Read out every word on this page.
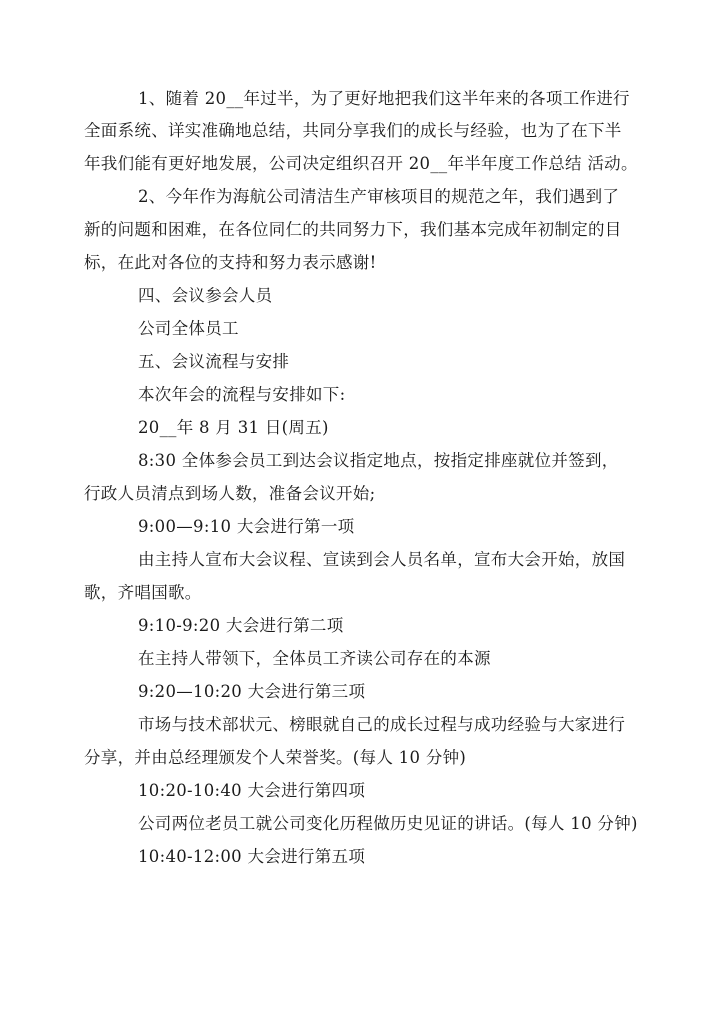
1、随着 20__年过半，为了更好地把我们这半年来的各项工作进行
全面系统、详实准确地总结，共同分享我们的成长与经验，也为了在下半
年我们能有更好地发展，公司决定组织召开 20__年半年度工作总结 活动。
2、今年作为海航公司清洁生产审核项目的规范之年，我们遇到了
新的问题和困难，在各位同仁的共同努力下，我们基本完成年初制定的目
标，在此对各位的支持和努力表示感谢!
四、会议参会人员
公司全体员工
五、会议流程与安排
本次年会的流程与安排如下:
20__年 8 月 31 日(周五)
8:30 全体参会员工到达会议指定地点，按指定排座就位并签到，
行政人员清点到场人数，准备会议开始;
9:00—9:10 大会进行第一项
由主持人宣布大会议程、宣读到会人员名单，宣布大会开始，放国
歌，齐唱国歌。
9:10-9:20 大会进行第二项
在主持人带领下，全体员工齐读公司存在的本源
9:20—10:20 大会进行第三项
市场与技术部状元、榜眼就自己的成长过程与成功经验与大家进行
分享，并由总经理颁发个人荣誉奖。(每人 10 分钟)
10:20-10:40 大会进行第四项
公司两位老员工就公司变化历程做历史见证的讲话。(每人 10 分钟)
10:40-12:00 大会进行第五项
